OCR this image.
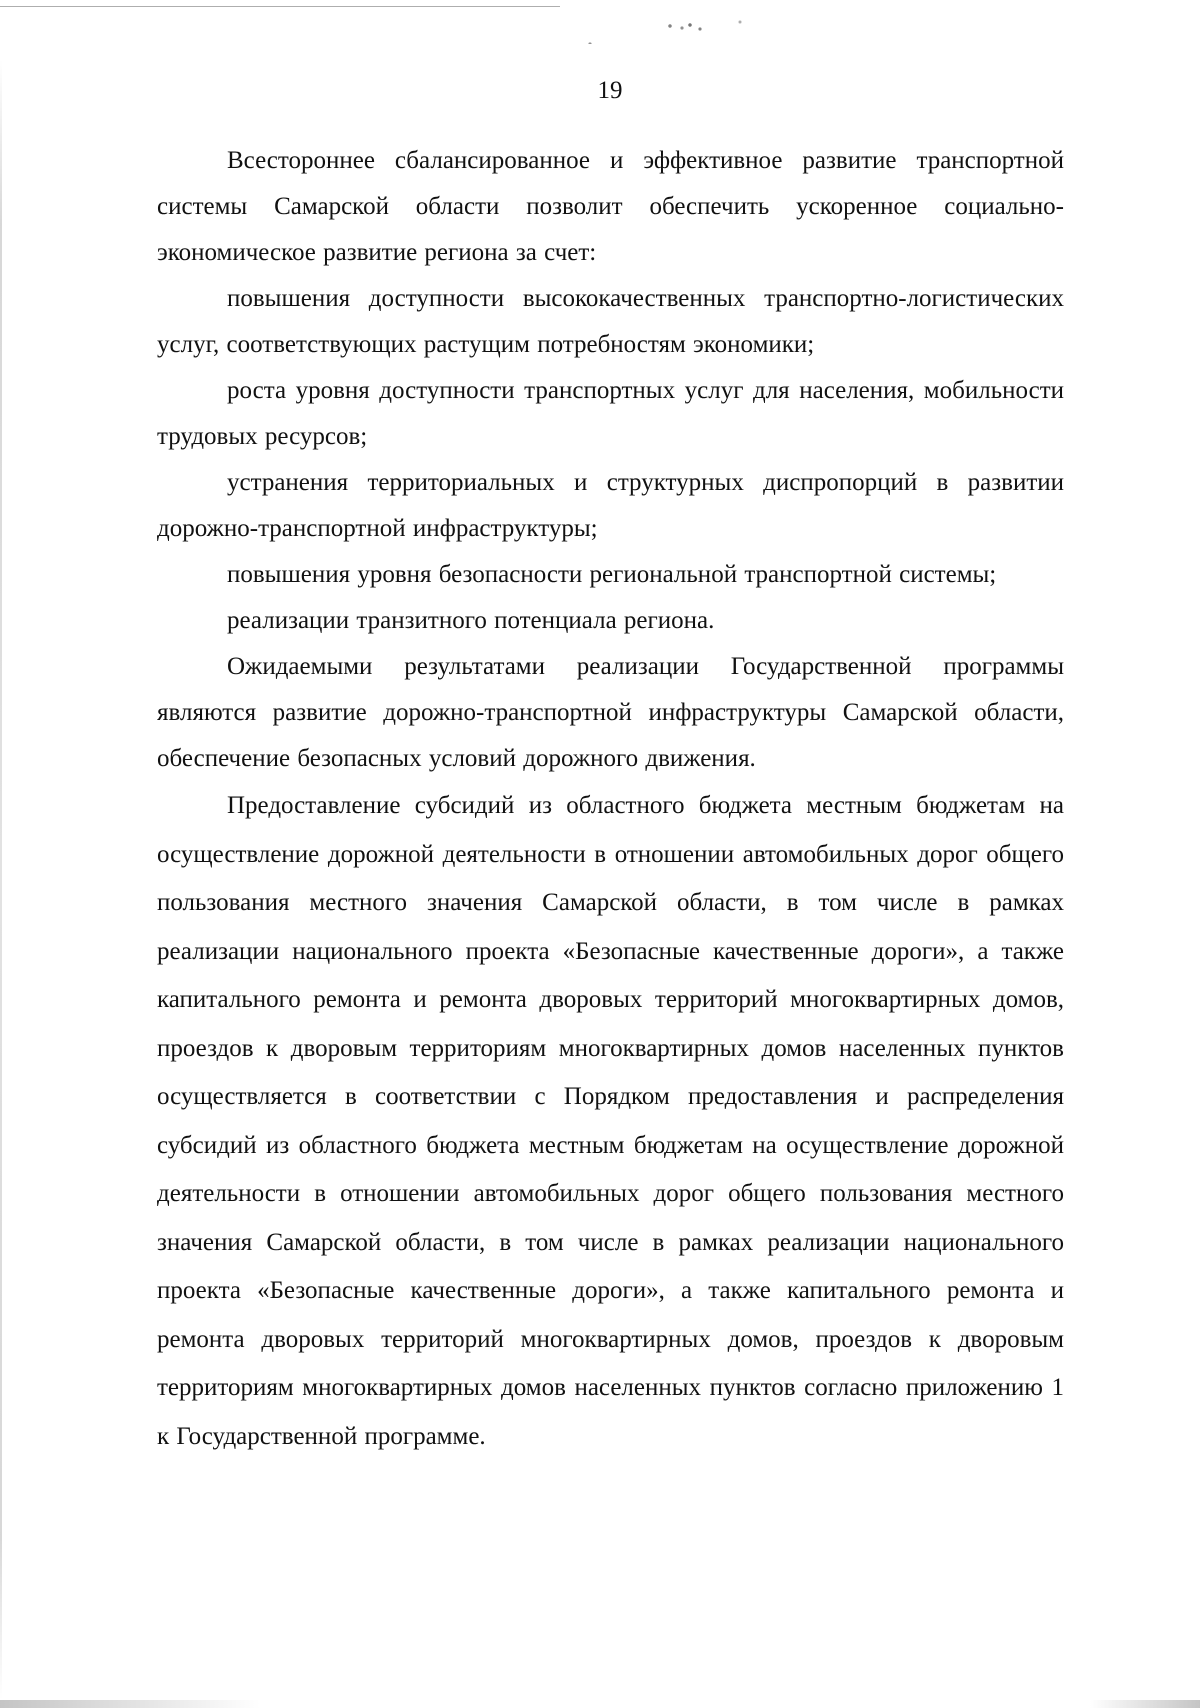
19

Всестороннее сбалансированное и эффективное развитие транспортной системы Самарской области позволит обеспечить ускоренное социально-экономическое развитие региона за счет:

повышения доступности высококачественных транспортно-логистических услуг, соответствующих растущим потребностям экономики;

роста уровня доступности транспортных услуг для населения, мобильности трудовых ресурсов;

устранения территориальных и структурных диспропорций в развитии дорожно-транспортной инфраструктуры;

повышения уровня безопасности региональной транспортной системы;

реализации транзитного потенциала региона.

Ожидаемыми результатами реализации Государственной программы являются развитие дорожно-транспортной инфраструктуры Самарской области, обеспечение безопасных условий дорожного движения.

Предоставление субсидий из областного бюджета местным бюджетам на осуществление дорожной деятельности в отношении автомобильных дорог общего пользования местного значения Самарской области, в том числе в рамках реализации национального проекта «Безопасные качественные дороги», а также капитального ремонта и ремонта дворовых территорий многоквартирных домов, проездов к дворовым территориям многоквартирных домов населенных пунктов осуществляется в соответствии с Порядком предоставления и распределения субсидий из областного бюджета местным бюджетам на осуществление дорожной деятельности в отношении автомобильных дорог общего пользования местного значения Самарской области, в том числе в рамках реализации национального проекта «Безопасные качественные дороги», а также капитального ремонта и ремонта дворовых территорий многоквартирных домов, проездов к дворовым территориям многоквартирных домов населенных пунктов согласно приложению 1 к Государственной программе.
